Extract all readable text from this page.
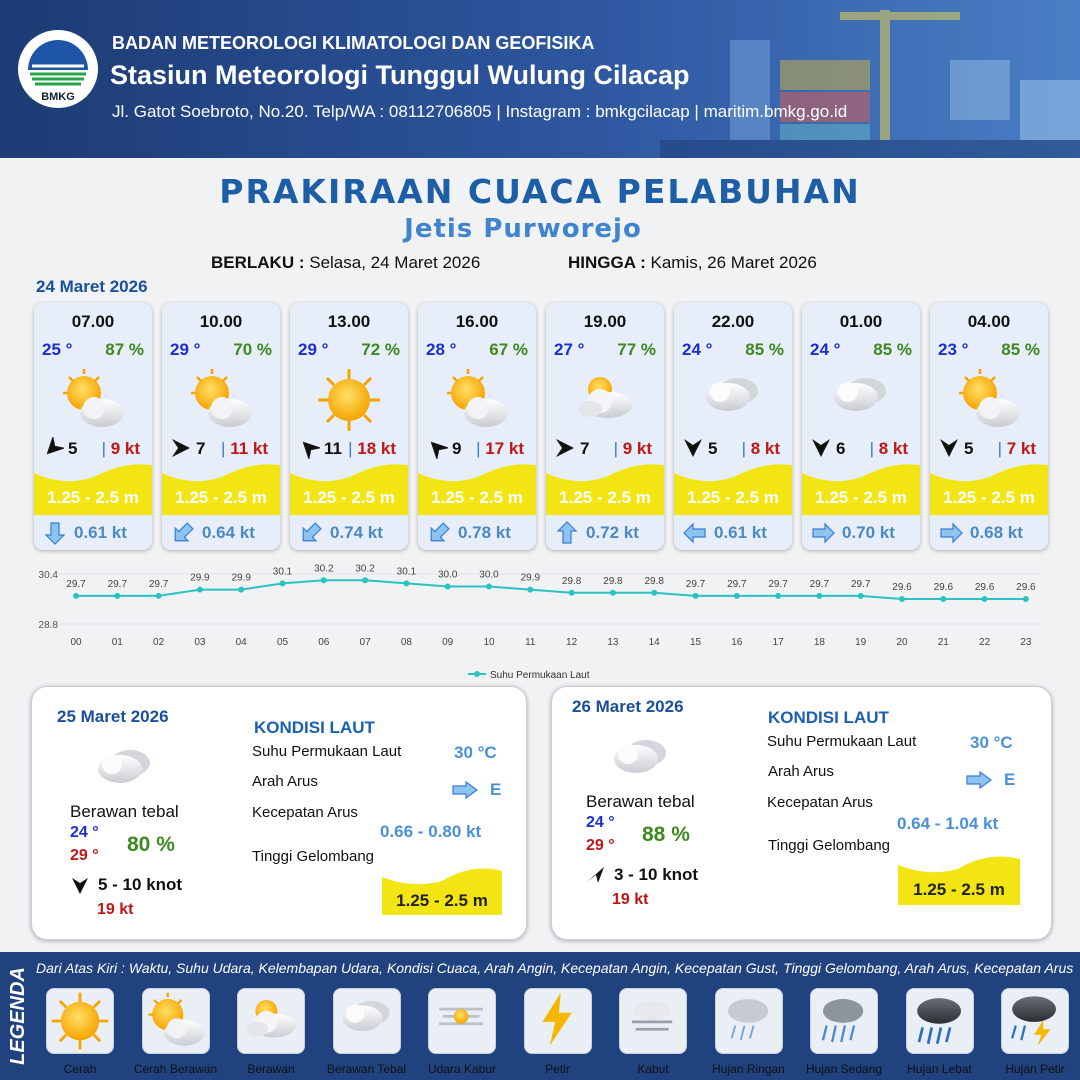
BMKG
BADAN METEOROLOGI KLIMATOLOGI DAN GEOFISIKA
Stasiun Meteorologi Tunggul Wulung Cilacap
Jl. Gatot Soebroto, No.20. Telp/WA : 08112706805 | Instagram : bmkgcilacap | maritim.bmkg.go.id
PRAKIRAAN CUACA PELABUHAN
Jetis Purworejo
BERLAKU : Selasa, 24 Maret 2026	HINGGA : Kamis, 26 Maret 2026
24 Maret 2026
07.00
25 ° 87 %
5 | 9 kt
1.25 - 2.5 m
0.61 kt
10.00
29 ° 70 %
7 | 11 kt
1.25 - 2.5 m
0.64 kt
13.00
29 ° 72 %
11 | 18 kt
1.25 - 2.5 m
0.74 kt
16.00
28 ° 67 %
9 | 17 kt
1.25 - 2.5 m
0.78 kt
19.00
27 ° 77 %
7 | 9 kt
1.25 - 2.5 m
0.72 kt
22.00
24 ° 85 %
5 | 8 kt
1.25 - 2.5 m
0.61 kt
01.00
24 ° 85 %
6 | 8 kt
1.25 - 2.5 m
0.70 kt
04.00
23 ° 85 %
5 | 7 kt
1.25 - 2.5 m
0.68 kt
30.4
28.8
29.7
00
29.7
01
29.7
02
29.9
03
29.9
04
30.1
05
30.2
06
30.2
07
30.1
08
30.0
09
30.0
10
29.9
11
29.8
12
29.8
13
29.8
14
29.7
15
29.7
16
29.7
17
29.7
18
29.7
19
29.6
20
29.6
21
29.6
22
29.6
23
Suhu Permukaan Laut
25 Maret 2026
Berawan tebal
24 °
29 ° 80 %
5 - 10 knot
19 kt
KONDISI LAUT
Suhu Permukaan Laut	30 °C
Arah Arus	E
Kecepatan Arus
0.66 - 0.80 kt
Tinggi Gelombang
1.25 - 2.5 m
26 Maret 2026
Berawan tebal
24 °
29 ° 88 %
3 - 10 knot
19 kt
KONDISI LAUT
Suhu Permukaan Laut	30 °C
Arah Arus	E
Kecepatan Arus
0.64 - 1.04 kt
Tinggi Gelombang
1.25 - 2.5 m
LEGENDA Dari Atas Kiri : Waktu, Suhu Udara, Kelembapan Udara, Kondisi Cuaca, Arah Angin, Kecepatan Angin, Kecepatan Gust, Tinggi Gelombang, Arah Arus, Kecepatan Arus
Cerah	Cerah Berawan	Berawan	Berawan Tebal	Udara Kabur	Petir	Kabut	Hujan Ringan	Hujan Sedang	Hujan Lebat	Hujan Petir
